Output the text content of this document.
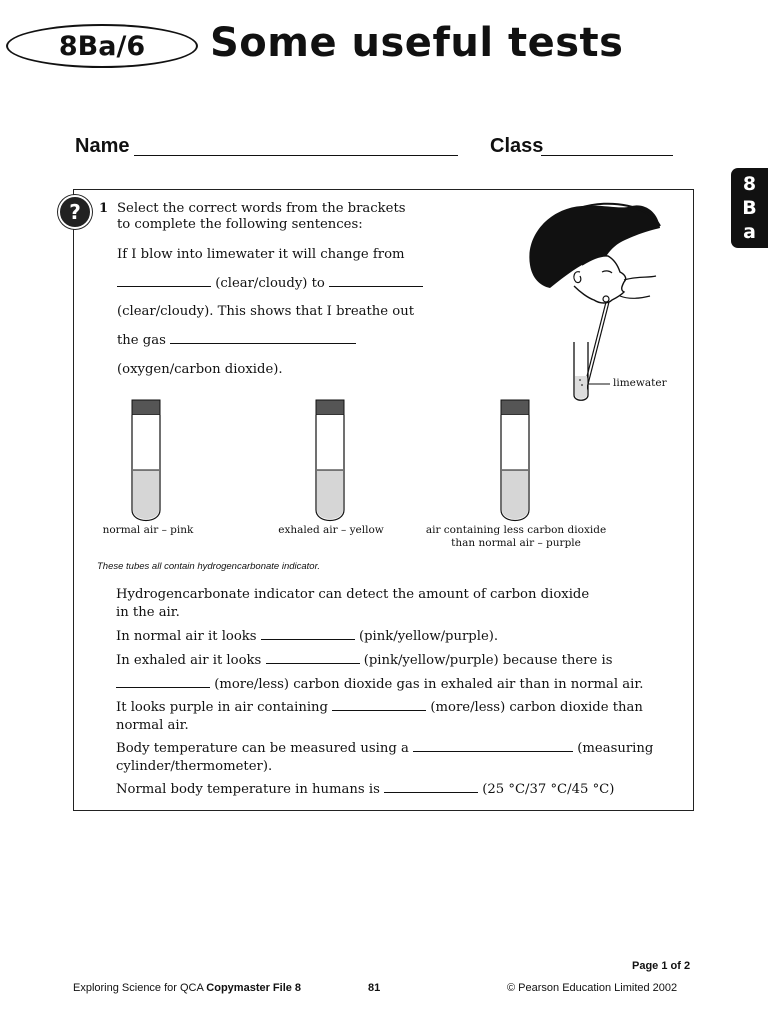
8Ba/6	Some useful tests
Name	Class
8
B
a
?	1 Select the correct words from the brackets
to complete the following sentences:
If I blow into limewater it will change from
(clear/cloudy) to
(clear/cloudy). This shows that I breathe out
the gas
(oxygen/carbon dioxide).
limewater
normal air – pink	exhaled air – yellow	air containing less carbon dioxide
than normal air – purple
These tubes all contain hydrogencarbonate indicator.
Hydrogencarbonate indicator can detect the amount of carbon dioxide
in the air.
In normal air it looks	(pink/yellow/purple).
In exhaled air it looks	(pink/yellow/purple) because there is
(more/less) carbon dioxide gas in exhaled air than in normal air.
It looks purple in air containing	(more/less) carbon dioxide than
normal air.
Body temperature can be measured using a	(measuring
cylinder/thermometer).
Normal body temperature in humans is	(25 °C/37 °C/45 °C)
Page 1 of 2
Exploring Science for QCA Copymaster File 8	81	© Pearson Education Limited 2002
